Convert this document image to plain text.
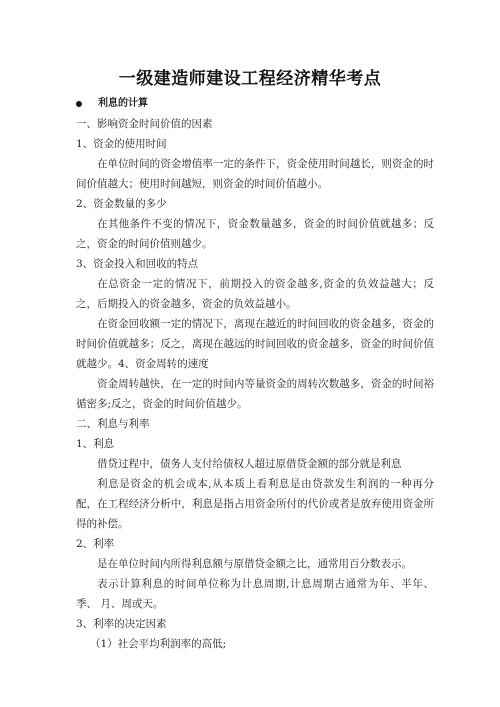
一级建造师建设工程经济精华考点
利息的计算
一、影响资金时间价值的因素
1、资金的使用时间
在单位时间的资金增值率一定的条件下，资金使用时间越长，则资金的时间价值越大；使用时间越短，则资金的时间价值越小。
2、资金数量的多少
在其他条件不变的情况下，资金数量越多，资金的时间价值就越多；反之，资金的时间价值则越少。
3、资金投入和回收的特点
在总资金一定的情况下，前期投入的资金越多,资金的负效益越大；反之，后期投入的资金越多，资金的负效益越小。
在资金回收额一定的情况下，离现在越近的时间回收的资金越多，资金的时间价值就越多；反之，离现在越远的时间回收的资金越多，资金的时间价值就越少。4、资金周转的速度
资金周转越快，在一定的时间内等量资金的周转次数越多，资金的时间裕循密多;反之，资金的时间价值越少。
二、利息与利率
1、利息
借贷过程中，债务人支付给债权人超过原借贷金额的部分就是利息
利息是资金的机会成本,从本质上看利息是由贷款发生利润的一种再分配，在工程经济分析中，利息是指占用资金所付的代价或者是放弃使用资金所得的补偿。
2、利率
是在单位时间内所得利息额与原借贷金额之比，通常用百分数表示。
表示计算利息的时间单位称为计息周期,计息周期古通常为年、半年、季、 月、周或天。
3、利率的决定因素
（1）社会平均利润率的高低;
